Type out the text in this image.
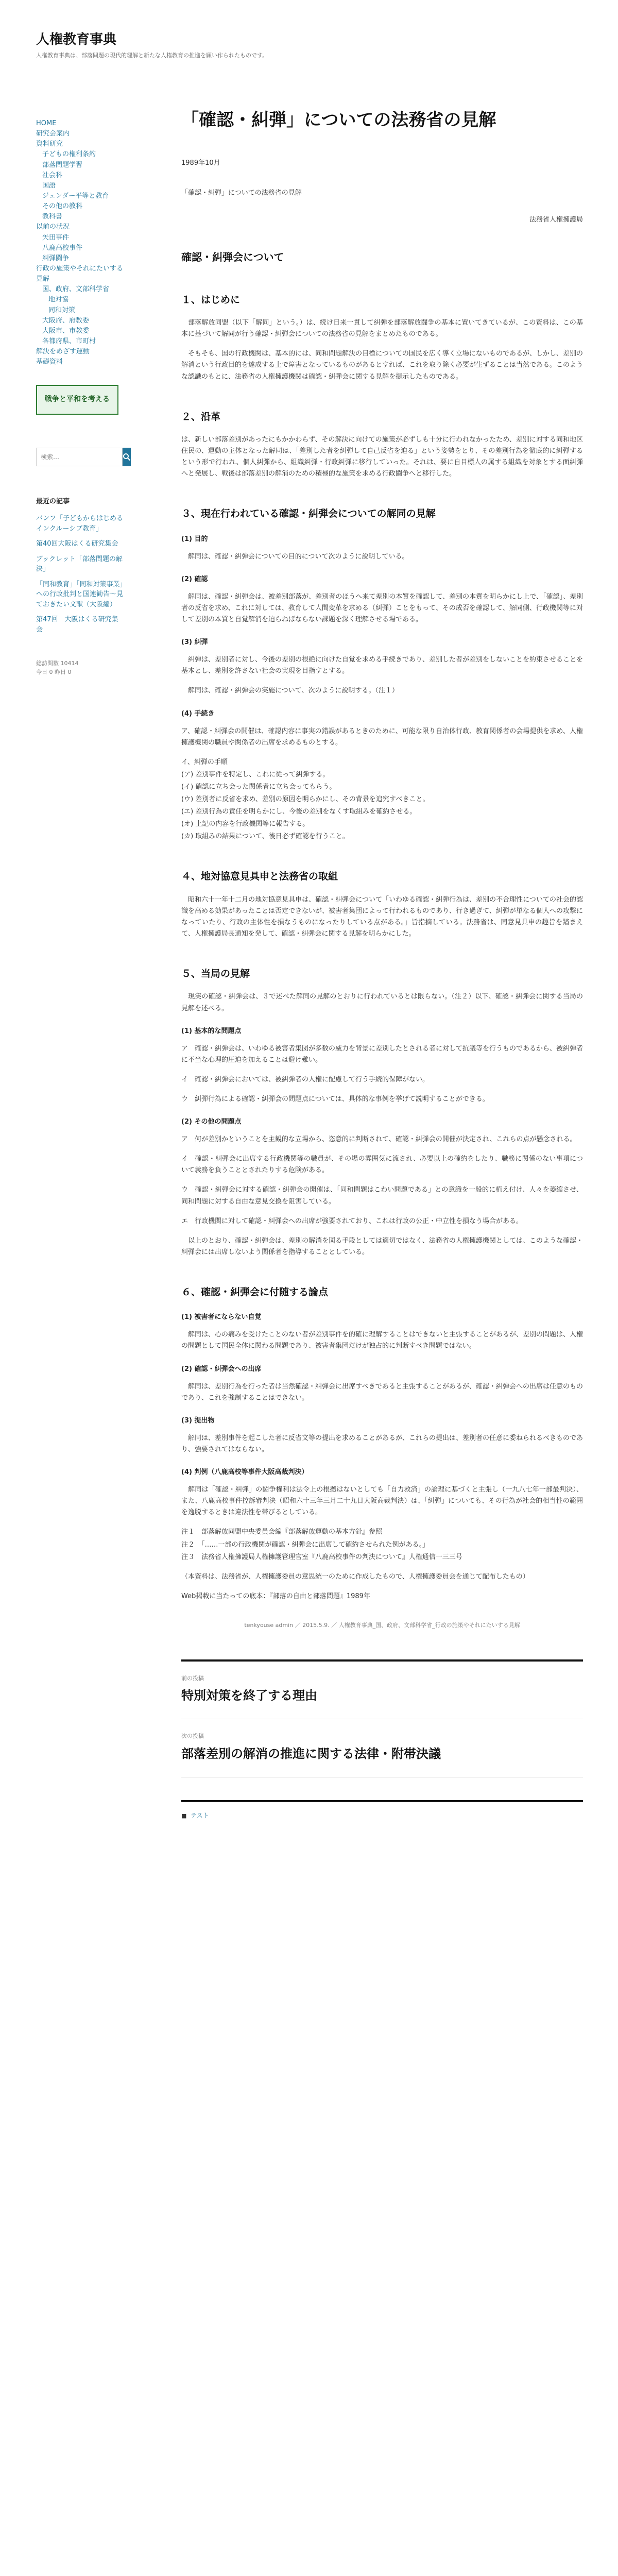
人権教育事典
人権教育事典は、部落問題の現代的理解と新たな人権教育の推進を願い作られたものです。
HOME
研究会案内
資料研究
子どもの権利条約
部落問題学習
社会科
国語
ジェンダー平等と教育
その他の教科
教科書
以前の状況
矢田事件
八鹿高校事件
糾弾闘争
行政の施策やそれにたいする見解
国、政府、文部科学省
地対協
同和対策
大阪府、府教委
大阪市、市教委
各都府県、市町村
解決をめざす運動
基礎資料
戦争と平和を考える
検索…
最近の記事
バンフ「子どもからはじめるインクルーシブ教育」
第40回大阪はくる研究集会
ブックレット「部落問題の解決」
「同和教育」「同和対策事業」への行政批判と国連勧告～見ておきたい文献（大阪編）
第47回　大阪はくる研究集会
総訪問数 10414
今日 0 昨日 0
「確認・糾弾」についての法務省の見解

1989年10月

「確認・糾弾」についての法務省の見解

法務省人権擁護局

確認・糾弾会について
１、はじめに

　部落解放同盟（以下「解同」という。）は、続け日来一貫して糾弾を部落解放闘争の基本に置いてきているが、この資料は、この基本に基づいて解同が行う確認・糾弾会についての法務省の見解をまとめたものである。

　そもそも、国の行政機関は、基本的には、同和問題解決の目標についての国民を広く導く立場にないものであるが、しかし、差別の解消という行政目的を達成する上で障害となっているものがあるとすれば、これを取り除く必要が生ずることは当然である。このような認識のもとに、法務省の人権擁護機関は確認・糾弾会に関する見解を提示したものである。

２、沿革

は、新しい部落差別があったにもかかわらず、その解決に向けての施策が必ずしも十分に行われなかったため、差別に対する同和地区住民の、運動の主体となった解同は、「差別した者を糾弾して自己反省を迫る」という姿勢をとり、その差別行為を徹底的に糾弾するという形で行われ、個人糾弾から、組織糾弾・行政糾弾に移行していった。それは、要に自目標人の属する組織を対象とする面糾弾へと発展し、戦後は部落差別の解消のための積極的な施策を求める行政闘争へと移行した。

３、現在行われている確認・糾弾会についての解同の見解
(1) 目的

　解同は、確認・糾弾会についての目的について次のように説明している。

(2) 確認

　解同は、確認・糾弾会は、被差別部落が、差別者のほうへ来て差別の本質を確認して、差別の本質を明らかにし上で、「確認」、差別者の反省を求め、これに対しては、教育して人間変革を求める（糾弾）ことをもって、その成否を確認して、解同側、行政機関等に対して差別の本質と自覚解消を迫らねばならない課題を深く理解させる場である。

(3) 糾弾

　糾弾は、差別者に対し、今後の差別の根絶に向けた自覚を求める手続きであり、差別した者が差別をしないことを約束させることを基本とし、差別を許さない社会の実現を目指すとする。

　解同は、確認・糾弾会の実施について、次のように説明する。（注１）

(4) 手続き

ア、確認・糾弾会の開催は、確認内容に事実の錯誤があるときのために、可能な限り自治体行政、教育関係者の会場提供を求め、人権擁護機関の職員や関係者の出席を求めるものとする。

イ、糾弾の手順

(ア) 差別事件を特定し、これに従って糾弾する。

(イ) 確認に立ち会った関係者に立ち会ってもらう。

(ウ) 差別者に反省を求め、差別の原因を明らかにし、その背景を追究すべきこと。

(エ) 差別行為の責任を明らかにし、今後の差別をなくす取組みを確約させる。

(オ) 上記の内容を行政機関等に報告する。

(カ) 取組みの結果について、後日必ず確認を行うこと。

４、地対協意見具申と法務省の取組

　昭和六十一年十二月の地対協意見具申は、確認・糾弾会について「いわゆる確認・糾弾行為は、差別の不合理性についての社会的認識を高める効果があったことは否定できないが、被害者集団によって行われるものであり、行き過ぎて、糾弾が単なる個人への攻撃になっていたり、行政の主体性を損なうものになったりしている点がある。」旨指摘している。法務省は、同意見具申の趣旨を踏まえて、人権擁護局長通知を発して、確認・糾弾会に関する見解を明らかにした。

５、当局の見解

　現実の確認・糾弾会は、３で述べた解同の見解のとおりに行われているとは限らない。（注２）以下、確認・糾弾会に関する当局の見解を述べる。

(1) 基本的な問題点

ア　確認・糾弾会は、いわゆる被害者集団が多数の威力を背景に差別したとされる者に対して抗議等を行うものであるから、被糾弾者に不当な心理的圧迫を加えることは避け難い。

イ　確認・糾弾会においては、被糾弾者の人権に配慮して行う手続的保障がない。

ウ　糾弾行為による確認・糾弾会の問題点については、具体的な事例を挙げて説明することができる。

(2) その他の問題点

ア　何が差別かということを主観的な立場から、恣意的に判断されて、確認・糾弾会の開催が決定され、これらの点が懸念される。

イ　確認・糾弾会に出席する行政機関等の職員が、その場の雰囲気に流され、必要以上の確約をしたり、職務に関係のない事項について義務を負うこととされたりする危険がある。

ウ　確認・糾弾会に対する確認・糾弾会の開催は、「同和問題はこわい問題である」との意識を一般的に植え付け、人々を萎縮させ、同和問題に対する自由な意見交換を阻害している。

エ　行政機関に対して確認・糾弾会への出席が強要されており、これは行政の公正・中立性を損なう場合がある。

　以上のとおり、確認・糾弾会は、差別の解消を図る手段としては適切ではなく、法務省の人権擁護機関としては、このような確認・糾弾会には出席しないよう関係者を指導することとしている。

６、確認・糾弾会に付随する論点
(1) 被害者にならない自覚

　解同は、心の痛みを受けたことのない者が差別事件を的確に理解することはできないと主張することがあるが、差別の問題は、人権の問題として国民全体に関わる問題であり、被害者集団だけが独占的に判断すべき問題ではない。

(2) 確認・糾弾会への出席

　解同は、差別行為を行った者は当然確認・糾弾会に出席すべきであると主張することがあるが、確認・糾弾会への出席は任意のものであり、これを強制することはできない。

(3) 提出物

　解同は、差別事件を起こした者に反省文等の提出を求めることがあるが、これらの提出は、差別者の任意に委ねられるべきものであり、強要されてはならない。

(4) 判例（八鹿高校等事件大阪高裁判決）

　解同は「確認・糾弾」の闘争権利は法令上の根拠はないとしても「自力救済」の論理に基づくと主張し（一九八七年一部最判決）、また、八鹿高校事件控訴審判決（昭和六十三年三月二十九日大阪高裁判決）は、「糾弾」についても、その行為が社会的相当性の範囲を逸脱するときは違法性を帯びるとしている。

注１　部落解放同盟中央委員会編『部落解放運動の基本方針』参照

注２　「……一部の行政機関が確認・糾弾会に出席して確約させられた例がある。」

注３　法務省人権擁護局人権擁護管理官室『八鹿高校事件の判決について』人権通信一三三号

（本資料は、法務省が、人権擁護委員の意思統一のために作成したもので、人権擁護委員会を通じて配布したもの）

Web掲載に当たっての底本：『部落の自由と部落問題』1989年

tenkyouse admin ／ 2015.5.9. ／ 人権教育事典_国、政府、文部科学省_行政の施策やそれにたいする見解
前の投稿
特別対策を終了する理由
次の投稿
部落差別の解消の推進に関する法律・附帯決議
■ テスト
